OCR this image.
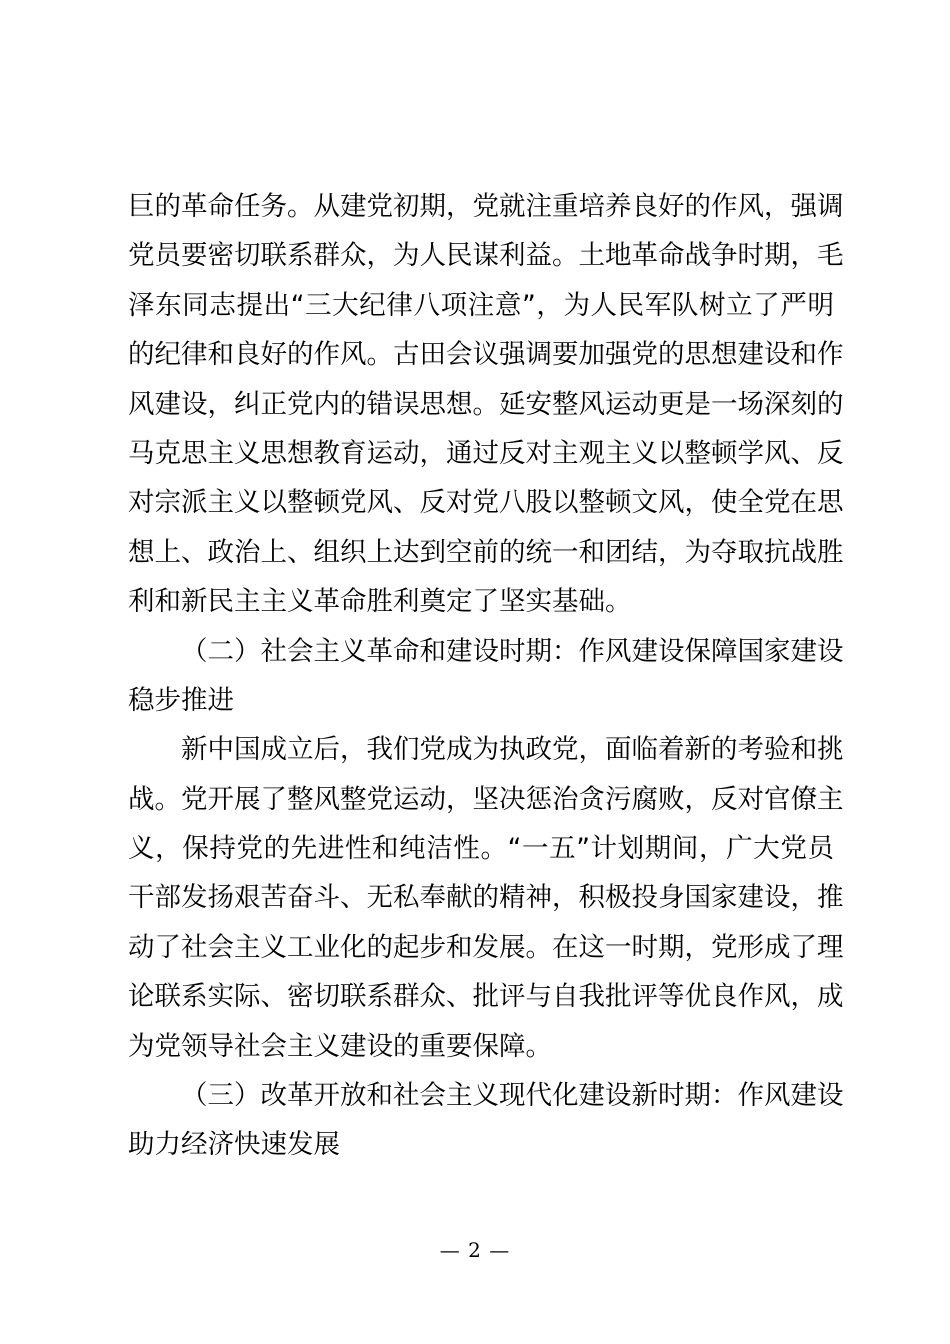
巨的革命任务。从建党初期，党就注重培养良好的作风，强调
党员要密切联系群众，为人民谋利益。土地革命战争时期，毛
泽东同志提出“三大纪律八项注意”，为人民军队树立了严明
的纪律和良好的作风。古田会议强调要加强党的思想建设和作
风建设，纠正党内的错误思想。延安整风运动更是一场深刻的
马克思主义思想教育运动，通过反对主观主义以整顿学风、反
对宗派主义以整顿党风、反对党八股以整顿文风，使全党在思
想上、政治上、组织上达到空前的统一和团结，为夺取抗战胜
利和新民主主义革命胜利奠定了坚实基础。
（二）社会主义革命和建设时期：作风建设保障国家建设
稳步推进
新中国成立后，我们党成为执政党，面临着新的考验和挑
战。党开展了整风整党运动，坚决惩治贪污腐败，反对官僚主
义，保持党的先进性和纯洁性。“一五”计划期间，广大党员
干部发扬艰苦奋斗、无私奉献的精神，积极投身国家建设，推
动了社会主义工业化的起步和发展。在这一时期，党形成了理
论联系实际、密切联系群众、批评与自我批评等优良作风，成
为党领导社会主义建设的重要保障。
（三）改革开放和社会主义现代化建设新时期：作风建设
助力经济快速发展
— 2 —
